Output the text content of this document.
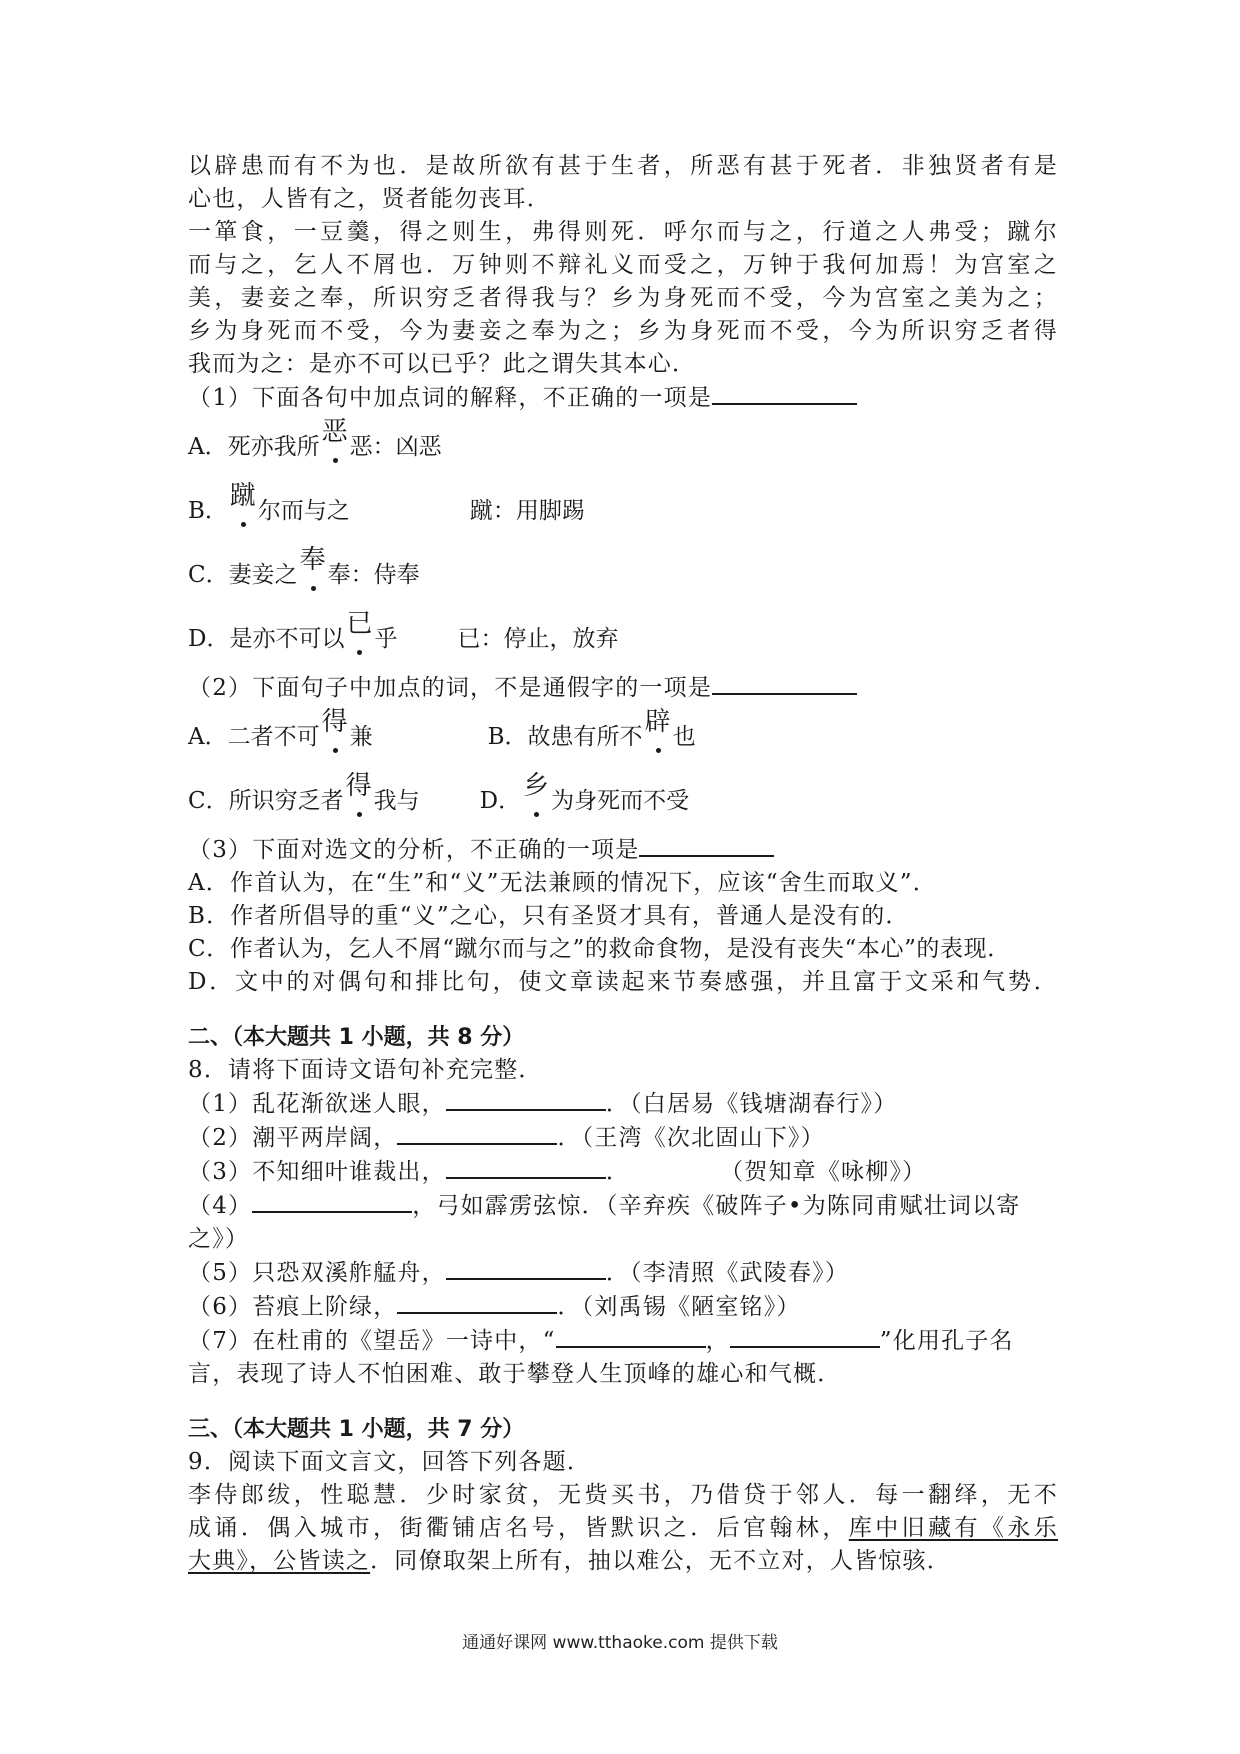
以辟患而有不为也．是故所欲有甚于生者，所恶有甚于死者．非独贤者有是

心也，人皆有之，贤者能勿丧耳．

一箪食，一豆羹，得之则生，弗得则死．呼尔而与之，行道之人弗受；蹴尔

而与之，乞人不屑也．万钟则不辩礼义而受之，万钟于我何加焉！为宫室之

美，妻妾之奉，所识穷乏者得我与？乡为身死而不受，今为宫室之美为之；

乡为身死而不受，今为妻妾之奉为之；乡为身死而不受，今为所识穷乏者得

我而为之：是亦不可以已乎？此之谓失其本心．

（1）下面各句中加点词的解释，不正确的一项是

A．死亦我所恶恶：凶恶

B．蹴尔而与之	蹴：用脚踢

C．妻妾之奉奉：侍奉

D．是亦不可以已乎	已：停止，放弃

（2）下面句子中加点的词，不是通假字的一项是

A．二者不可得兼	B．故患有所不辟也

C．所识穷乏者得我与	D．乡为身死而不受

（3）下面对选文的分析，不正确的一项是

A．作首认为，在“生”和“义”无法兼顾的情况下，应该“舍生而取义”．

B．作者所倡导的重“义”之心，只有圣贤才具有，普通人是没有的．

C．作者认为，乞人不屑“蹴尔而与之”的救命食物，是没有丧失“本心”的表现．

D．文中的对偶句和排比句，使文章读起来节奏感强，并且富于文采和气势．

二、（本大题共 1 小题，共 8 分）

8．请将下面诗文语句补充完整．

（1）乱花渐欲迷人眼，	．（白居易《钱塘湖春行》）

（2）潮平两岸阔，	．（王湾《次北固山下》）

（3）不知细叶谁裁出，	．	（贺知章《咏柳》）

（4）	，弓如霹雳弦惊．（辛弃疾《破阵子•为陈同甫赋壮词以寄

之》）

（5）只恐双溪舴艋舟，	．（李清照《武陵春》）

（6）苔痕上阶绿，	．（刘禹锡《陋室铭》）

（7）在杜甫的《望岳》一诗中，“	，	”化用孔子名

言，表现了诗人不怕困难、敢于攀登人生顶峰的雄心和气概．

三、（本大题共 1 小题，共 7 分）

9．阅读下面文言文，回答下列各题．

李侍郎绂，性聪慧．少时家贫，无赀买书，乃借贷于邻人．每一翻绎，无不

成诵．偶入城市，街衢铺店名号，皆默识之．后官翰林，库中旧藏有《永乐

大典》，公皆读之．同僚取架上所有，抽以难公，无不立对，人皆惊骇．

通通好课网 www.tthaoke.com 提供下载
